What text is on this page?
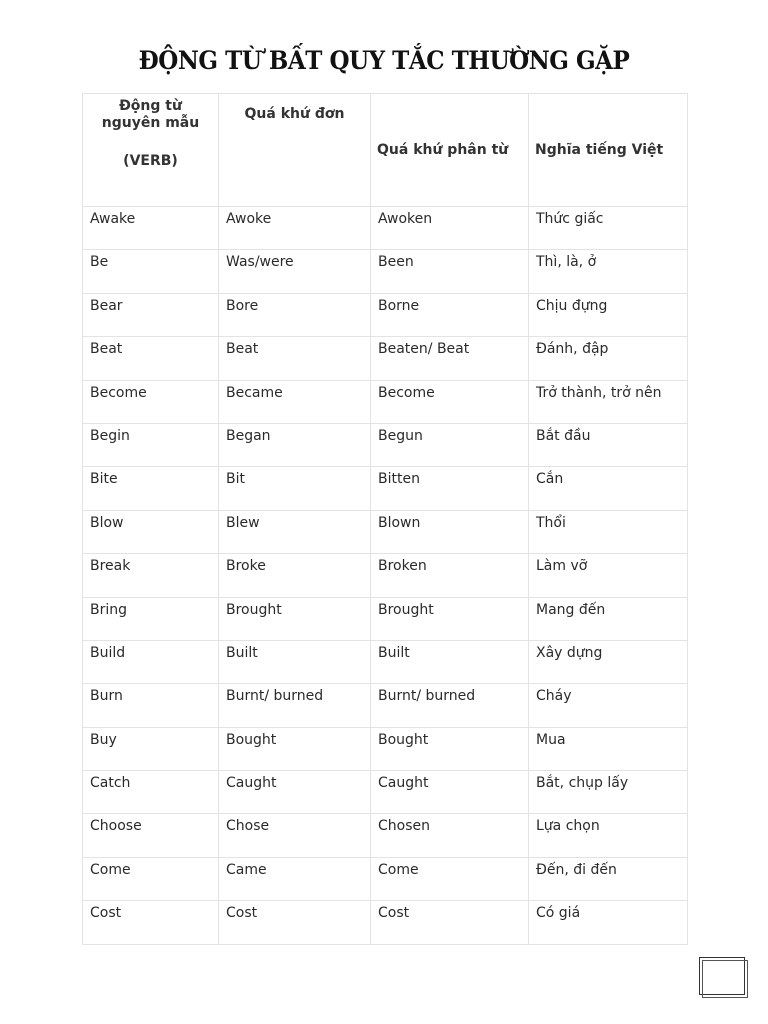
ĐỘNG TỪ BẤT QUY TẮC THƯỜNG GẶP
Động từ
nguyên mẫu
(VERB)	Quá khứ đơn	Quá khứ phân từ	Nghĩa tiếng Việt
Awake	Awoke	Awoken	Thức giấc
Be	Was/were	Been	Thì, là, ở
Bear	Bore	Borne	Chịu đựng
Beat	Beat	Beaten/ Beat	Đánh, đập
Become	Became	Become	Trở thành, trở nên
Begin	Began	Begun	Bắt đầu
Bite	Bit	Bitten	Cắn
Blow	Blew	Blown	Thổi
Break	Broke	Broken	Làm vỡ
Bring	Brought	Brought	Mang đến
Build	Built	Built	Xây dựng
Burn	Burnt/ burned	Burnt/ burned	Cháy
Buy	Bought	Bought	Mua
Catch	Caught	Caught	Bắt, chụp lấy
Choose	Chose	Chosen	Lựa chọn
Come	Came	Come	Đến, đi đến
Cost	Cost	Cost	Có giá
